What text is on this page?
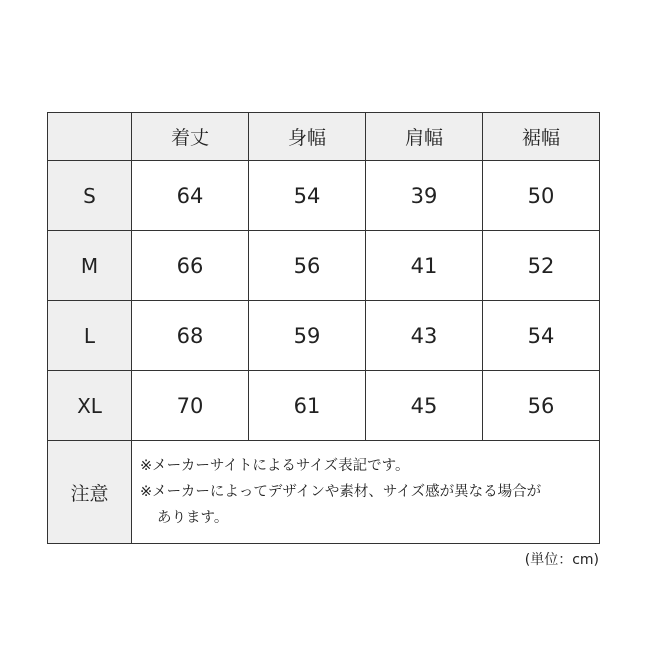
	着丈	身幅	肩幅	裾幅
S	64	54	39	50
M	66	56	41	52
L	68	59	43	54
XL	70	61	45	56
注意	※メーカーサイトによるサイズ表記です。
※メーカーによってデザインや素材、サイズ感が異なる場合が
あります。			
(単位：cm)
